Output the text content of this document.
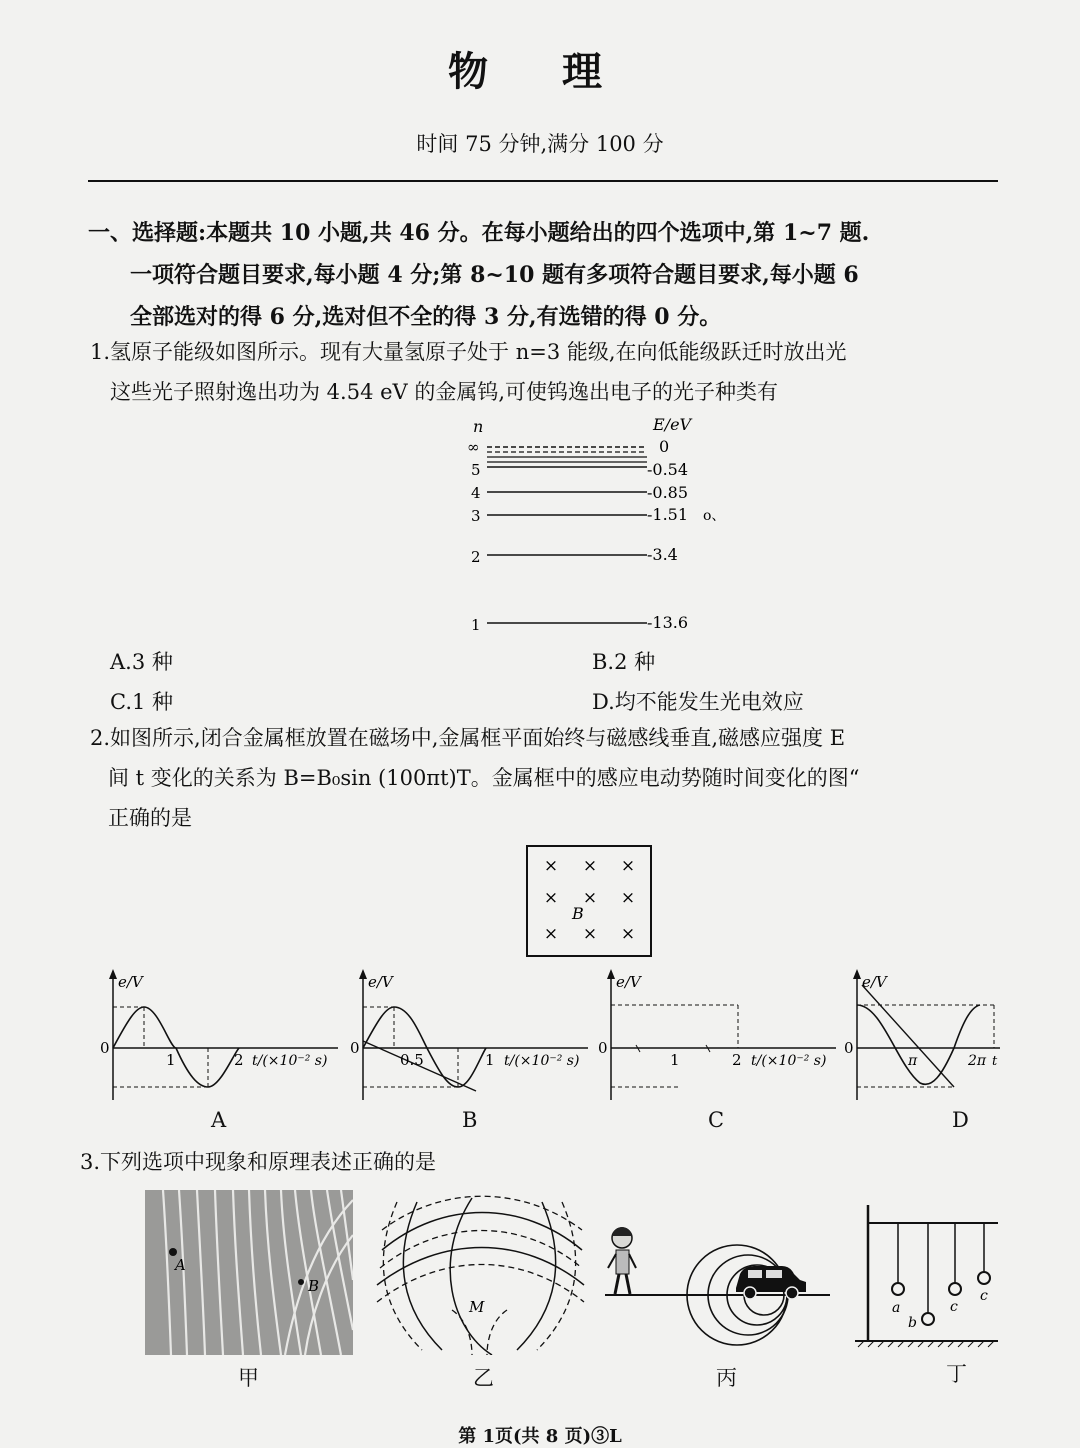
物 理
时间 75 分钟,满分 100 分
一、选择题:本题共 10 小题,共 46 分。在每小题给出的四个选项中,第 1~7 题.
一项符合题目要求,每小题 4 分;第 8~10 题有多项符合题目要求,每小题 6
全部选对的得 6 分,选对但不全的得 3 分,有选错的得 0 分。
1.氢原子能级如图所示。现有大量氢原子处于 n=3 能级,在向低能级跃迁时放出光
这些光子照射逸出功为 4.54 eV 的金属钨,可使钨逸出电子的光子种类有
n	E/eV
∞
5
4
3
2
1
0
-0.54
-0.85
-1.51 o、
-3.4
-13.6
A.3 种	B.2 种
C.1 种	D.均不能发生光电效应
2.如图所示,闭合金属框放置在磁场中,金属框平面始终与磁感线垂直,磁感应强度 E
间 t 变化的关系为 B=B₀sin (100πt)T。金属框中的感应电动势随时间变化的图“
正确的是
× × ×
× × ×
× × ×
B
e/V
0
1	2 t/(×10⁻² s)
A
e/V
0
0.5	1 t/(×10⁻² s)
B
e/V
0
1	2 t/(×10⁻² s)
C
e/V
0
π	2π t
D
3.下列选项中现象和原理表述正确的是
A
B
甲
M
乙	丙
a
b
c
c
丁
第 1页(共 8 页)③L
